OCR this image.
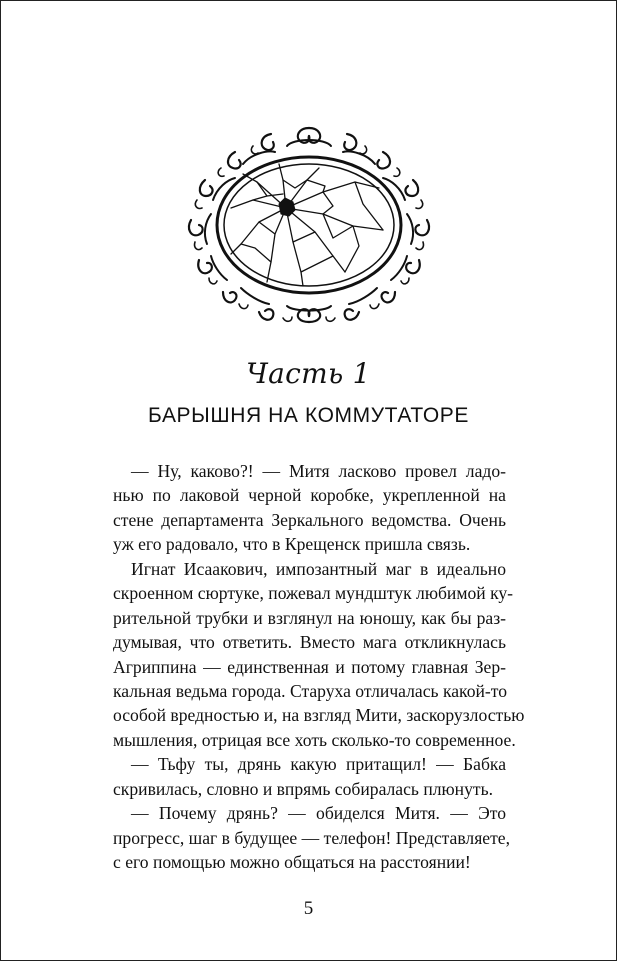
Часть 1
БАРЫШНЯ НА КОММУТАТОРЕ
— Ну, каково?! — Митя ласково провел ладо-
нью по лаковой черной коробке, укрепленной на
стене департамента Зеркального ведомства. Очень
уж его радовало, что в Крещенск пришла связь.
Игнат Исаакович, импозантный маг в идеально
скроенном сюртуке, пожевал мундштук любимой ку-
рительной трубки и взглянул на юношу, как бы раз-
думывая, что ответить. Вместо мага откликнулась
Агриппина — единственная и потому главная Зер-
кальная ведьма города. Старуха отличалась какой-то
особой вредностью и, на взгляд Мити, заскорузлостью
мышления, отрицая все хоть сколько-то современное.
— Тьфу ты, дрянь какую притащил! — Бабка
скривилась, словно и впрямь собиралась плюнуть.
— Почему дрянь? — обиделся Митя. — Это
прогресс, шаг в будущее — телефон! Представляете,
с его помощью можно общаться на расстоянии!
5
